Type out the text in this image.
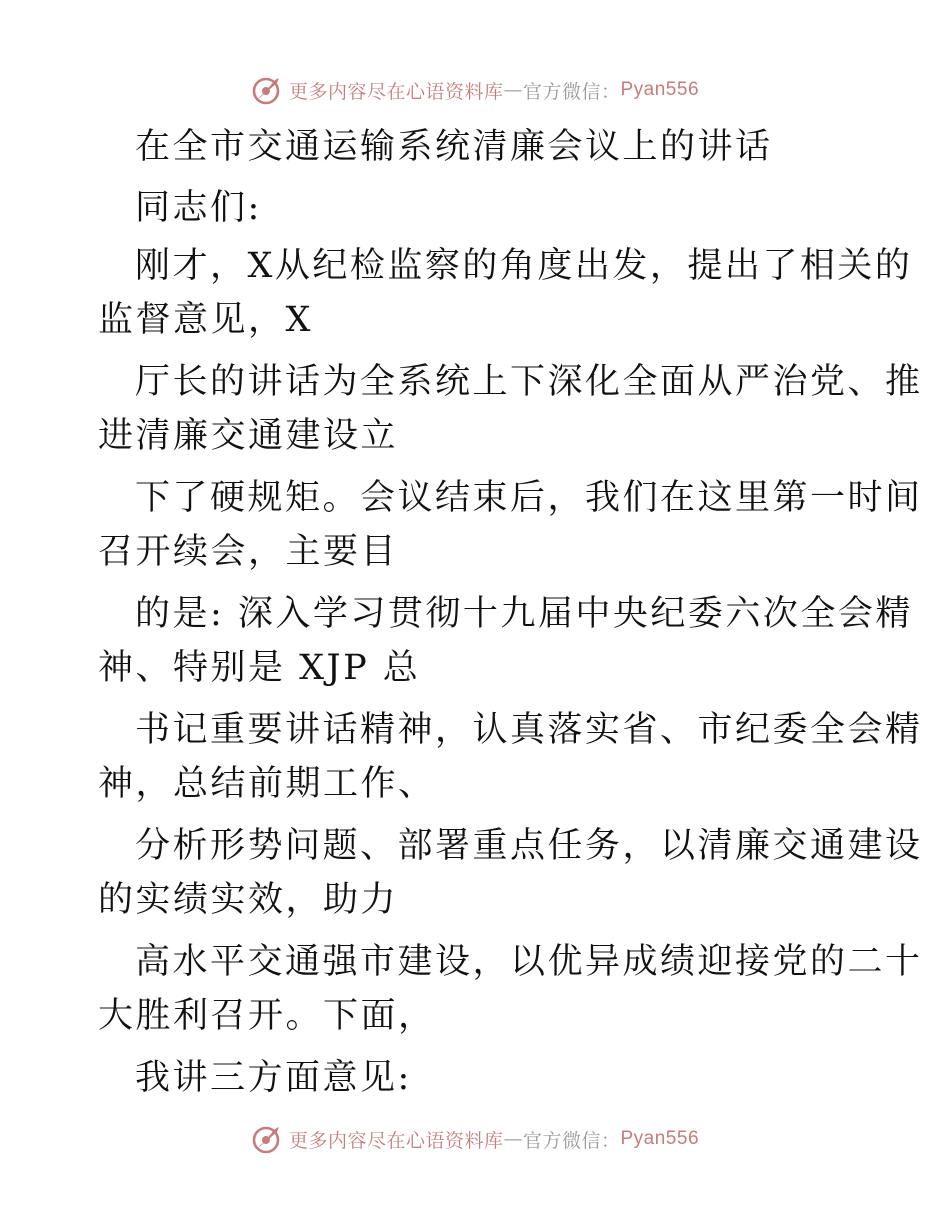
更多内容尽在心语资料库 — 官方微信： Pyan556
在全市交通运输系统清廉会议上的讲话
同志们:
刚才，X从纪检监察的角度出发，提出了相关的
监督意见，X
厅长的讲话为全系统上下深化全面从严治党、推
进清廉交通建设立
下了硬规矩。会议结束后，我们在这里第一时间
召开续会，主要目
的是: 深入学习贯彻十九届中央纪委六次全会精
神、特别是 XJP 总
书记重要讲话精神，认真落实省、市纪委全会精
神，总结前期工作、
分析形势问题、部署重点任务，以清廉交通建设
的实绩实效，助力
高水平交通强市建设，以优异成绩迎接党的二十
大胜利召开。下面，
我讲三方面意见:
更多内容尽在心语资料库 — 官方微信： Pyan556
